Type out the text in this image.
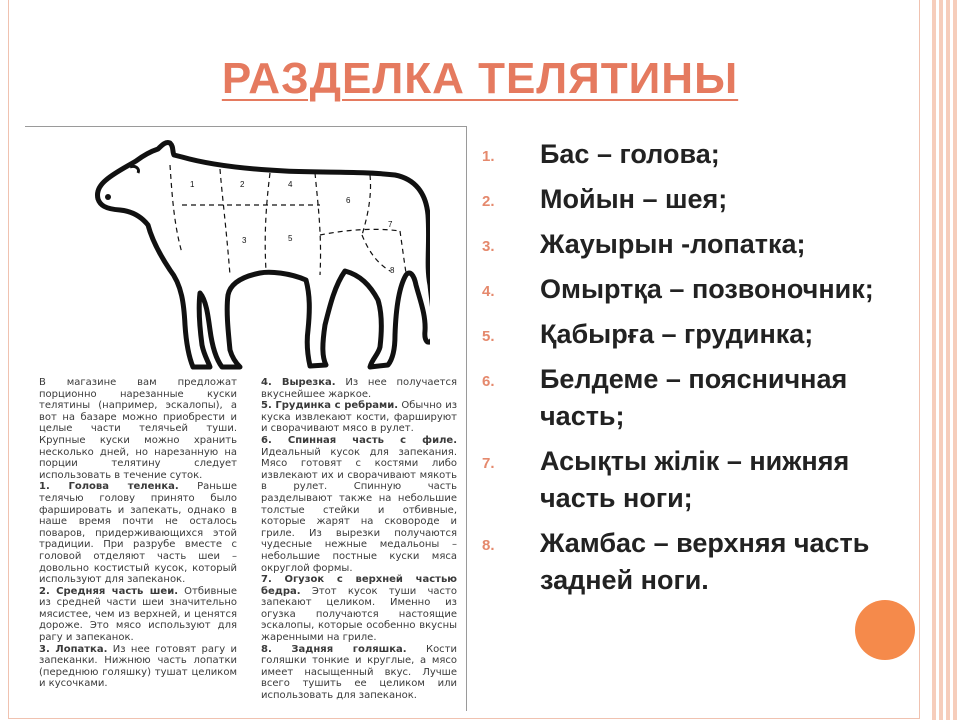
РАЗДЕЛКА ТЕЛЯТИНЫ
1	2
3
4
5
6
7
8

В магазине вам предложат порционно нарезанные куски телятины (например, эскалопы), а вот на базаре можно приобрести и целые части телячьей туши. Крупные куски можно хранить несколько дней, но нарезанную на порции телятину следует использовать в течение суток.

1. Голова теленка. Раньше телячью голову принято было фаршировать и запекать, однако в наше время почти не осталось поваров, придерживающихся этой традиции. При разрубе вместе с головой отделяют часть шеи – довольно костистый кусок, который используют для запеканок.

2. Средняя часть шеи. Отбивные из средней части шеи значительно мясистее, чем из верхней, и ценятся дороже. Это мясо используют для рагу и запеканок.

3. Лопатка. Из нее готовят рагу и запеканки. Нижнюю часть лопатки (переднюю голяшку) тушат целиком и кусочками.

4. Вырезка. Из нее получается вкуснейшее жаркое.

5. Грудинка с ребрами. Обычно из куска извлекают кости, фаршируют и сворачивают мясо в рулет.

6. Спинная часть с филе. Идеальный кусок для запекания. Мясо готовят с костями либо извлекают их и сворачивают мякоть в рулет. Спинную часть разделывают также на небольшие толстые стейки и отбивные, которые жарят на сковороде и гриле. Из вырезки получаются чудесные нежные медальоны – небольшие постные куски мяса округлой формы.

7. Огузок с верхней частью бедра. Этот кусок туши часто запекают целиком. Именно из огузка получаются настоящие эскалопы, которые особенно вкусны жаренными на гриле.

8. Задняя голяшка. Кости голяшки тонкие и круглые, а мясо имеет насыщенный вкус. Лучше всего тушить ее целиком или использовать для запеканок.

1. Бас – голова;
2. Мойын – шея;
3. Жауырын -лопатка;
4. Омыртқа – позвоночник;
5. Қабырға – грудинка;
6. Белдеме – поясничная часть;
7. Асықты жілік – нижняя часть ноги;
8. Жамбас – верхняя часть задней ноги.
